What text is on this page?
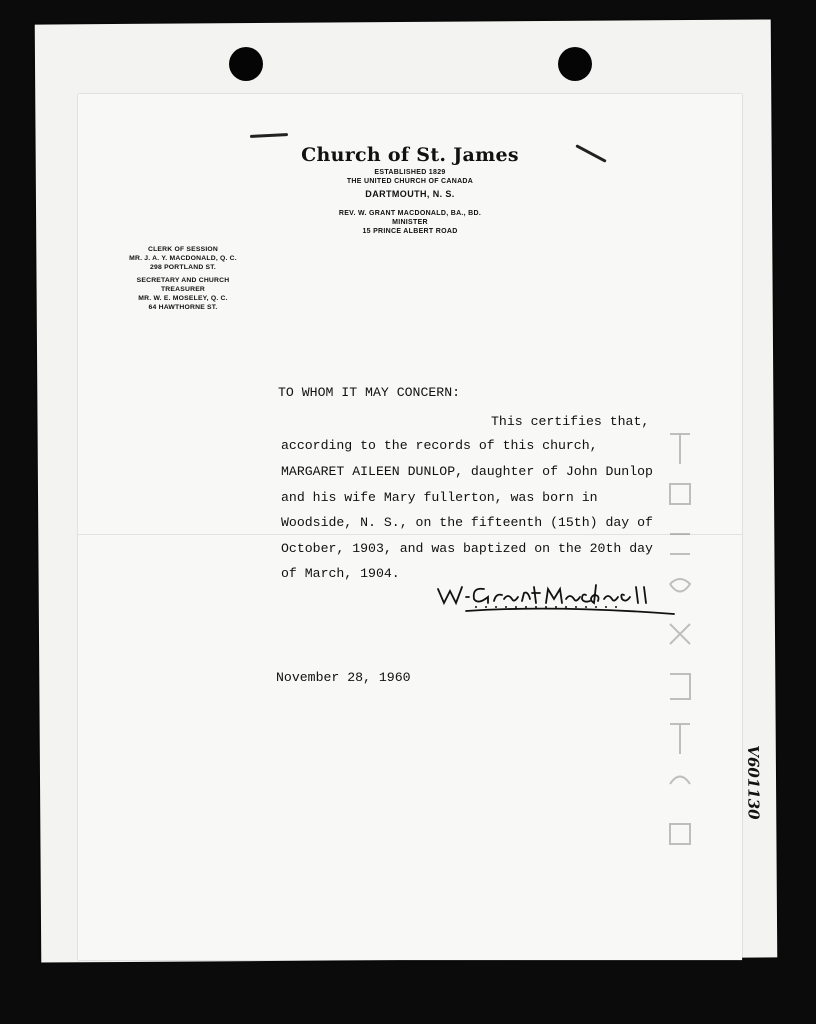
V601130
Church of St. James
ESTABLISHED 1829
THE UNITED CHURCH OF CANADA
DARTMOUTH, N. S.
REV. W. GRANT MACDONALD, BA., BD.
MINISTER
15 PRINCE ALBERT ROAD
CLERK OF SESSION
MR. J. A. Y. MACDONALD, Q. C.
298 PORTLAND ST.
SECRETARY AND CHURCH
TREASURER
MR. W. E. MOSELEY, Q. C.
64 HAWTHORNE ST.
TO WHOM IT MAY CONCERN:
This certifies that,
according to the records of this church,
MARGARET AILEEN DUNLOP, daughter of John Dunlop
and his wife Mary fullerton, was born in
Woodside, N. S., on the fifteenth (15th) day of
October, 1903, and was baptized on the 20th day
of March, 1904.
November 28, 1960
